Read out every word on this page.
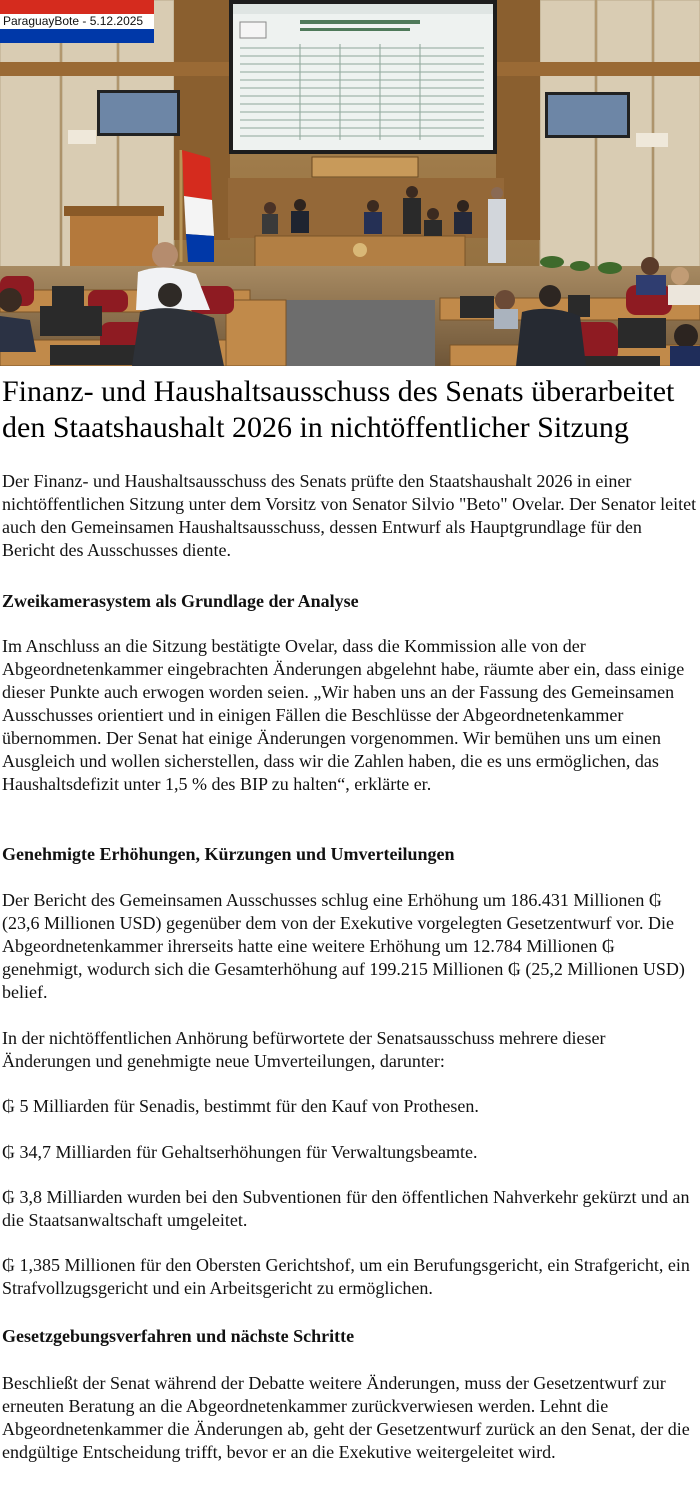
ParaguayBote - 5.12.2025
Finanz- und Haushaltsausschuss des Senats überarbeitet den Staatshaushalt 2026 in nichtöffentlicher Sitzung

Der Finanz- und Haushaltsausschuss des Senats prüfte den Staatshaushalt 2026 in einer nichtöffentlichen Sitzung unter dem Vorsitz von Senator Silvio "Beto" Ovelar. Der Senator leitet auch den Gemeinsamen Haushaltsausschuss, dessen Entwurf als Hauptgrundlage für den Bericht des Ausschusses diente.

Zweikamerasystem als Grundlage der Analyse

Im Anschluss an die Sitzung bestätigte Ovelar, dass die Kommission alle von der Abgeordnetenkammer eingebrachten Änderungen abgelehnt habe, räumte aber ein, dass einige dieser Punkte auch erwogen worden seien. „Wir haben uns an der Fassung des Gemeinsamen Ausschusses orientiert und in einigen Fällen die Beschlüsse der Abgeordnetenkammer übernommen. Der Senat hat einige Änderungen vorgenommen. Wir bemühen uns um einen Ausgleich und wollen sicherstellen, dass wir die Zahlen haben, die es uns ermöglichen, das Haushaltsdefizit unter 1,5 % des BIP zu halten“, erklärte er.

Genehmigte Erhöhungen, Kürzungen und Umverteilungen

Der Bericht des Gemeinsamen Ausschusses schlug eine Erhöhung um 186.431 Millionen ₲ (23,6 Millionen USD) gegenüber dem von der Exekutive vorgelegten Gesetzentwurf vor. Die Abgeordnetenkammer ihrerseits hatte eine weitere Erhöhung um 12.784 Millionen ₲ genehmigt, wodurch sich die Gesamterhöhung auf 199.215 Millionen ₲ (25,2 Millionen USD) belief.

In der nichtöffentlichen Anhörung befürwortete der Senatsausschuss mehrere dieser Änderungen und genehmigte neue Umverteilungen, darunter:

₲ 5 Milliarden für Senadis, bestimmt für den Kauf von Prothesen.

₲ 34,7 Milliarden für Gehaltserhöhungen für Verwaltungsbeamte.

₲ 3,8 Milliarden wurden bei den Subventionen für den öffentlichen Nahverkehr gekürzt und an die Staatsanwaltschaft umgeleitet.

₲ 1,385 Millionen für den Obersten Gerichtshof, um ein Berufungsgericht, ein Strafgericht, ein Strafvollzugsgericht und ein Arbeitsgericht zu ermöglichen.

Gesetzgebungsverfahren und nächste Schritte

Beschließt der Senat während der Debatte weitere Änderungen, muss der Gesetzentwurf zur erneuten Beratung an die Abgeordnetenkammer zurückverwiesen werden. Lehnt die Abgeordnetenkammer die Änderungen ab, geht der Gesetzentwurf zurück an den Senat, der die endgültige Entscheidung trifft, bevor er an die Exekutive weitergeleitet wird.
